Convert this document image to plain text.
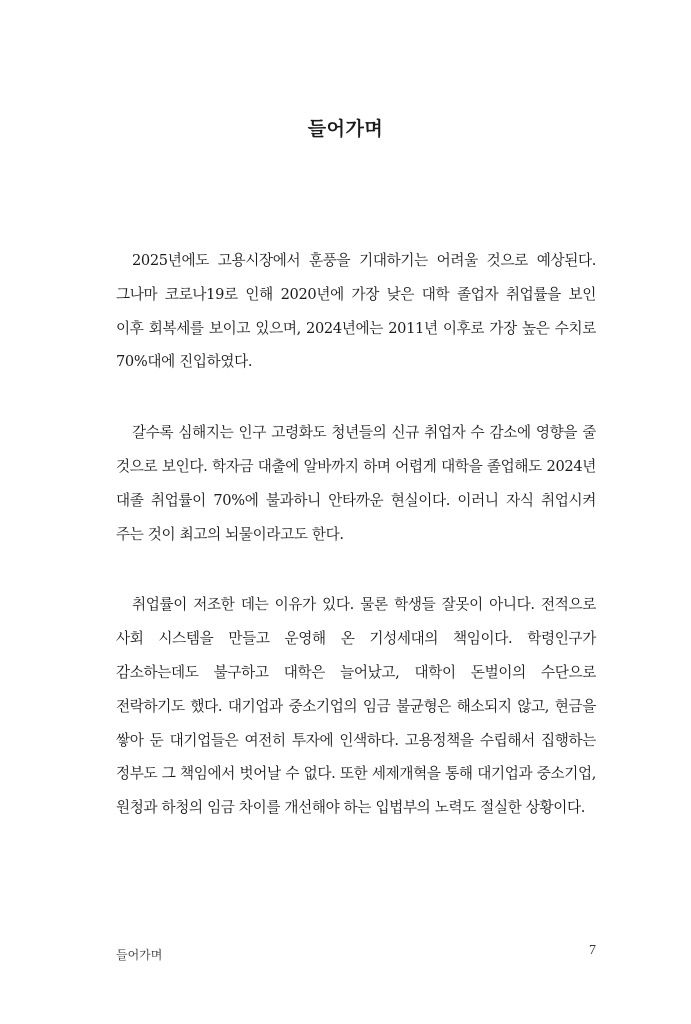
들어가며

2025년에도 고용시장에서 훈풍을 기대하기는 어려울 것으로 예상된다. 그나마 코로나19로 인해 2020년에 가장 낮은 대학 졸업자 취업률을 보인 이후 회복세를 보이고 있으며, 2024년에는 2011년 이후로 가장 높은 수치로 70%대에 진입하였다.

갈수록 심해지는 인구 고령화도 청년들의 신규 취업자 수 감소에 영향을 줄 것으로 보인다. 학자금 대출에 알바까지 하며 어렵게 대학을 졸업해도 2024년 대졸 취업률이 70%에 불과하니 안타까운 현실이다. 이러니 자식 취업시켜 주는 것이 최고의 뇌물이라고도 한다.

취업률이 저조한 데는 이유가 있다. 물론 학생들 잘못이 아니다. 전적으로 사회 시스템을 만들고 운영해 온 기성세대의 책임이다. 학령인구가 감소하는데도 불구하고 대학은 늘어났고, 대학이 돈벌이의 수단으로 전락하기도 했다. 대기업과 중소기업의 임금 불균형은 해소되지 않고, 현금을 쌓아 둔 대기업들은 여전히 투자에 인색하다. 고용정책을 수립해서 집행하는 정부도 그 책임에서 벗어날 수 없다. 또한 세제개혁을 통해 대기업과 중소기업, 원청과 하청의 임금 차이를 개선해야 하는 입법부의 노력도 절실한 상황이다.

들어가며	7
